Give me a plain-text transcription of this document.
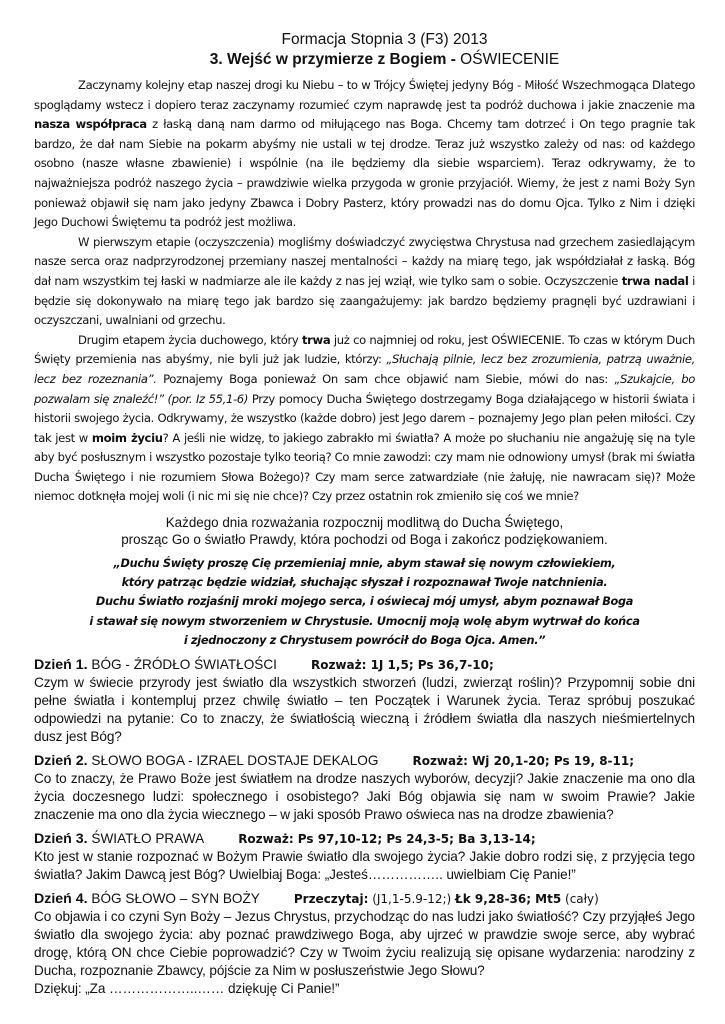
Formacja Stopnia 3 (F3) 2013
3. Wejść w przymierze z Bogiem - OŚWIECENIE

Zaczynamy kolejny etap naszej drogi ku Niebu – to w Trójcy Świętej jedyny Bóg - Miłość Wszechmogąca Dlatego spoglądamy wstecz i dopiero teraz zaczynamy rozumieć czym naprawdę jest ta podróż duchowa i jakie znaczenie ma nasza współpraca z łaską daną nam darmo od miłującego nas Boga. Chcemy tam dotrzeć i On tego pragnie tak bardzo, że dał nam Siebie na pokarm abyśmy nie ustali w tej drodze. Teraz już wszystko zależy od nas: od każdego osobno (nasze własne zbawienie) i wspólnie (na ile będziemy dla siebie wsparciem). Teraz odkrywamy, że to najważniejsza podróż naszego życia – prawdziwie wielka przygoda w gronie przyjaciół. Wiemy, że jest z nami Boży Syn ponieważ objawił się nam jako jedyny Zbawca i Dobry Pasterz, który prowadzi nas do domu Ojca. Tylko z Nim i dzięki Jego Duchowi Świętemu ta podróż jest możliwa.

W pierwszym etapie (oczyszczenia) mogliśmy doświadczyć zwycięstwa Chrystusa nad grzechem zasiedlającym nasze serca oraz nadprzyrodzonej przemiany naszej mentalności – każdy na miarę tego, jak współdziałał z łaską. Bóg dał nam wszystkim tej łaski w nadmiarze ale ile każdy z nas jej wziął, wie tylko sam o sobie. Oczyszczenie trwa nadal i będzie się dokonywało na miarę tego jak bardzo się zaangażujemy: jak bardzo będziemy pragnęli być uzdrawiani i oczyszczani, uwalniani od grzechu.

Drugim etapem życia duchowego, który trwa już co najmniej od roku, jest OŚWIECENIE. To czas w którym Duch Święty przemienia nas abyśmy, nie byli już jak ludzie, którzy: „Słuchają pilnie, lecz bez zrozumienia, patrzą uważnie, lecz bez rozeznania”. Poznajemy Boga ponieważ On sam chce objawić nam Siebie, mówi do nas: „Szukajcie, bo pozwalam się znaleźć!” (por. Iz 55,1-6) Przy pomocy Ducha Świętego dostrzegamy Boga działającego w historii świata i historii swojego życia. Odkrywamy, że wszystko (każde dobro) jest Jego darem – poznajemy Jego plan pełen miłości. Czy tak jest w moim życiu? A jeśli nie widzę, to jakiego zabrakło mi światła? A może po słuchaniu nie angażuję się na tyle aby być posłusznym i wszystko pozostaje tylko teorią? Co mnie zawodzi: czy mam nie odnowiony umysł (brak mi światła Ducha Świętego i nie rozumiem Słowa Bożego)? Czy mam serce zatwardziałe (nie żałuję, nie nawracam się)? Może niemoc dotknęła mojej woli (i nic mi się nie chce)? Czy przez ostatnin rok zmieniło się coś we mnie?

Każdego dnia rozważania rozpocznij modlitwą do Ducha Świętego,
prosząc Go o światło Prawdy, która pochodzi od Boga i zakończ podziękowaniem.
„Duchu Święty proszę Cię przemieniaj mnie, abym stawał się nowym człowiekiem,
który patrząc będzie widział, słuchając słyszał i rozpoznawał Twoje natchnienia.
Duchu Światło rozjaśnij mroki mojego serca, i oświecaj mój umysł, abym poznawał Boga
i stawał się nowym stworzeniem w Chrystusie. Umocnij moją wolę abym wytrwał do końca
i zjednoczony z Chrystusem powrócił do Boga Ojca. Amen.”
Dzień 1. BÓG - ŹRÓDŁO ŚWIATŁOŚCI	Rozważ: 1J 1,5; Ps 36,7-10;
Czym w świecie przyrody jest światło dla wszystkich stworzeń (ludzi, zwierząt roślin)? Przypomnij sobie dni pełne światła i kontempluj przez chwilę światło – ten Początek i Warunek życia. Teraz spróbuj poszukać odpowiedzi na pytanie: Co to znaczy, że światłością wieczną i źródłem światła dla naszych nieśmiertelnych dusz jest Bóg?
Dzień 2. SŁOWO BOGA - IZRAEL DOSTAJE DEKALOG	Rozważ: Wj 20,1-20; Ps 19, 8-11;
Co to znaczy, że Prawo Boże jest światłem na drodze naszych wyborów, decyzji? Jakie znaczenie ma ono dla życia doczesnego ludzi: społecznego i osobistego? Jaki Bóg objawia się nam w swoim Prawie? Jakie znaczenie ma ono dla życia wiecznego – w jaki sposób Prawo oświeca nas na drodze zbawienia?
Dzień 3. ŚWIATŁO PRAWA	Rozważ: Ps 97,10-12; Ps 24,3-5; Ba 3,13-14;
Kto jest w stanie rozpoznać w Bożym Prawie światło dla swojego życia? Jakie dobro rodzi się, z przyjęcia tego światła? Jakim Dawcą jest Bóg? Uwielbiaj Boga: „Jesteś…………….. uwielbiam Cię Panie!”
Dzień 4. BÓG SŁOWO – SYN BOŻY	Przeczytaj: (J1,1-5.9-12;) Łk 9,28-36; Mt5 (cały)

Co objawia i co czyni Syn Boży – Jezus Chrystus, przychodząc do nas ludzi jako światłość? Czy przyjąłeś Jego światło dla swojego życia: aby poznać prawdziwego Boga, aby ujrzeć w prawdzie swoje serce, aby wybrać drogę, którą ON chce Ciebie poprowadzić? Czy w Twoim życiu realizują się opisane wydarzenia: narodziny z Ducha, rozpoznanie Zbawcy, pójście za Nim w posłuszeństwie Jego Słowu?

Dziękuj: „Za ………………..…… dziękuję Ci Panie!”
